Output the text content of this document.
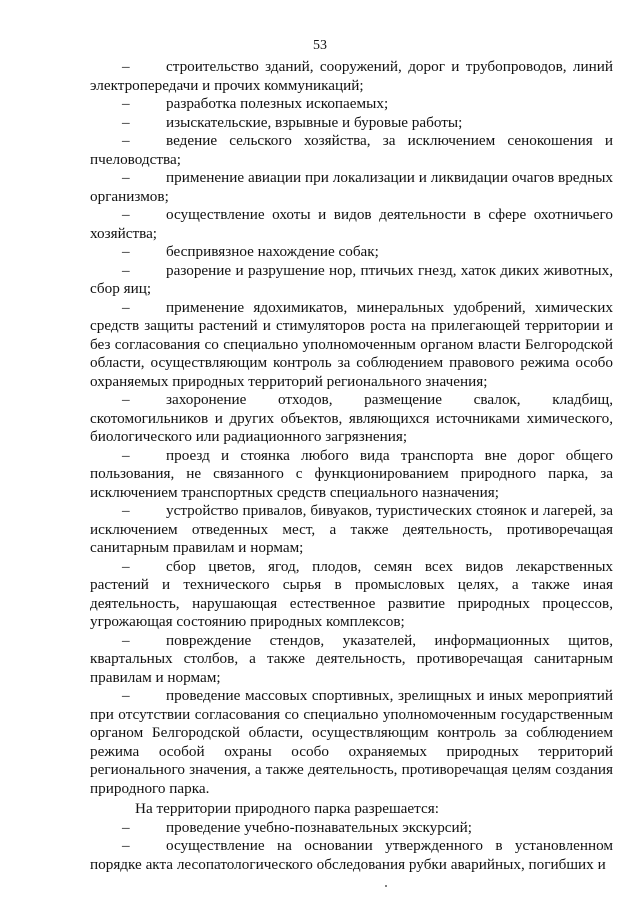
53

– строительство зданий, сооружений, дорог и трубопроводов, линий электропередачи и прочих коммуникаций;

– разработка полезных ископаемых;

– изыскательские, взрывные и буровые работы;

– ведение сельского хозяйства, за исключением сенокошения и пчеловодства;

– применение авиации при локализации и ликвидации очагов вредных организмов;

– осуществление охоты и видов деятельности в сфере охотничьего хозяйства;

– беспривязное нахождение собак;

– разорение и разрушение нор, птичьих гнезд, хаток диких животных, сбор яиц;

– применение ядохимикатов, минеральных удобрений, химических средств защиты растений и стимуляторов роста на прилегающей территории и без согласования со специально уполномоченным органом власти Белгородской области, осуществляющим контроль за соблюдением правового режима особо охраняемых природных территорий регионального значения;

– захоронение отходов, размещение свалок, кладбищ, скотомогильников и других объектов, являющихся источниками химического, биологического или радиационного загрязнения;

– проезд и стоянка любого вида транспорта вне дорог общего пользования, не связанного с функционированием природного парка, за исключением транспортных средств специального назначения;

– устройство привалов, бивуаков, туристических стоянок и лагерей, за исключением отведенных мест, а также деятельность, противоречащая санитарным правилам и нормам;

– сбор цветов, ягод, плодов, семян всех видов лекарственных растений и технического сырья в промысловых целях, а также иная деятельность, нарушающая естественное развитие природных процессов, угрожающая состоянию природных комплексов;

– повреждение стендов, указателей, информационных щитов, квартальных столбов, а также деятельность, противоречащая санитарным правилам и нормам;

– проведение массовых спортивных, зрелищных и иных мероприятий при отсутствии согласования со специально уполномоченным государственным органом Белгородской области, осуществляющим контроль за соблюдением режима особой охраны особо охраняемых природных территорий регионального значения, а также деятельность, противоречащая целям создания природного парка.

На территории природного парка разрешается:

– проведение учебно-познавательных экскурсий;

– осуществление на основании утвержденного в установленном порядке акта лесопатологического обследования рубки аварийных, погибших и
